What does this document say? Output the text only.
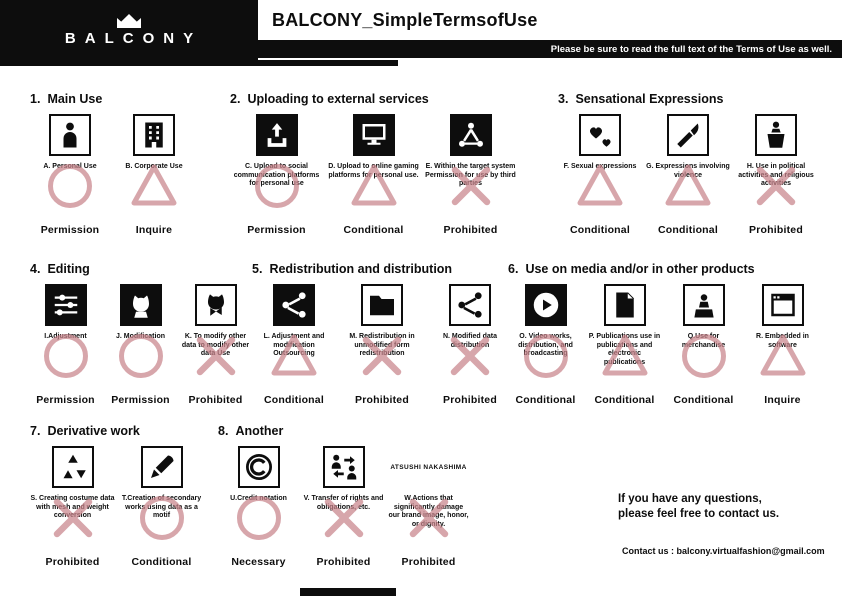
BALCONY
BALCONY_SimpleTermsofUse
Please be sure to read the full text of the Terms of Use as well.
1. Main Use
A. Personal Use
Permission
B. Corporate Use
Inquire
2. Uploading to external services
C. Upload to social communication platforms for personal use
Permission
D. Upload to online gaming platforms for personal use.
Conditional
E. Within the target system Permission for use by third parties
Prohibited
3. Sensational Expressions
F. Sexual expressions
Conditional
G. Expressions involving violence
Conditional
H. Use in political activities and religious activities
Prohibited
4. Editing
I.Adjustment
Permission
J. Modification
Permission
K. To modify other data to modify other data Use
Prohibited
5. Redistribution and distribution
L. Adjustment and modification Outsourcing
Conditional
M. Redistribution in unmodified form redistribution
Prohibited
N. Modified data distribution
Prohibited
6. Use on media and/or in other products
O. Video works, distribution, and broadcasting
Conditional
P. Publications use in publications and electronic publications
Conditional
Q.Use for merchandise
Conditional
R. Embedded in software
Inquire
7. Derivative work
S. Creating costume data with mesh and weight conversion
Prohibited
T.Creation of secondary works using data as a motif
Conditional
8. Another
U.Credit notation
Necessary
V. Transfer of rights and obligations, etc.
Prohibited
ATSUSHI NAKASHIMA
W.Actions that significantly damage our brand image, honor, or dignity.
Prohibited
If you have any questions,
please feel free to contact us.
Contact us : balcony.virtualfashion@gmail.com
